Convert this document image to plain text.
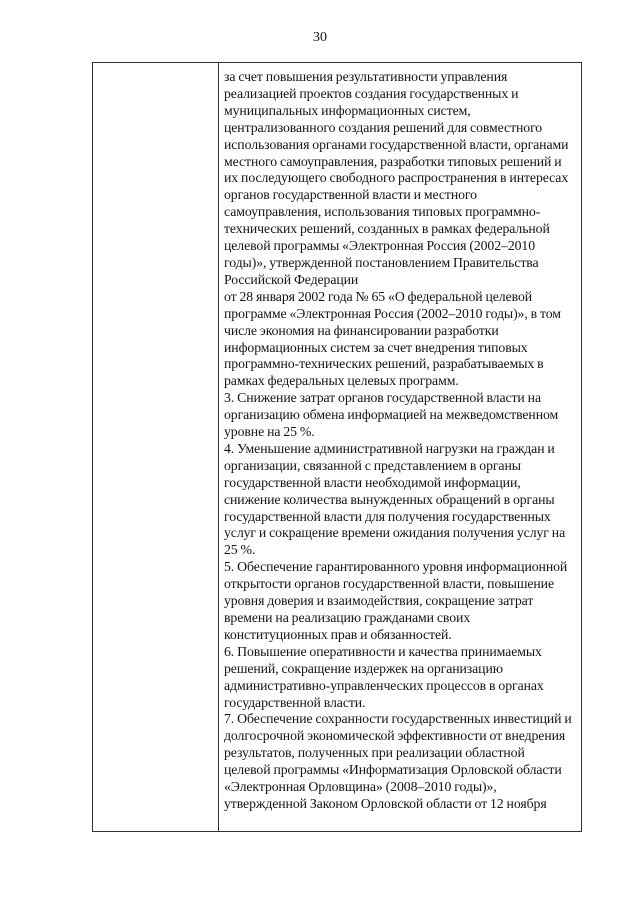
30

за счет повышения результативности управления
реализацией проектов создания государственных и
муниципальных информационных систем,
централизованного создания решений для совместного
использования органами государственной власти, органами
местного самоуправления, разработки типовых решений и
их последующего свободного распространения в интересах
органов государственной власти и местного
самоуправления, использования типовых программно-
технических решений, созданных в рамках федеральной
целевой программы «Электронная Россия (2002–2010
годы)», утвержденной постановлением Правительства
Российской Федерации
от 28 января 2002 года № 65 «О федеральной целевой
программе «Электронная Россия (2002–2010 годы)», в том
числе экономия на финансировании разработки
информационных систем за счет внедрения типовых
программно-технических решений, разрабатываемых в
рамках федеральных целевых программ.
3. Снижение затрат органов государственной власти на
организацию обмена информацией на межведомственном
уровне на 25 %.
4. Уменьшение административной нагрузки на граждан и
организации, связанной с представлением в органы
государственной власти необходимой информации,
снижение количества вынужденных обращений в органы
государственной власти для получения государственных
услуг и сокращение времени ожидания получения услуг на
25 %.
5. Обеспечение гарантированного уровня информационной
открытости органов государственной власти, повышение
уровня доверия и взаимодействия, сокращение затрат
времени на реализацию гражданами своих
конституционных прав и обязанностей.
6. Повышение оперативности и качества принимаемых
решений, сокращение издержек на организацию
административно-управленческих процессов в органах
государственной власти.
7. Обеспечение сохранности государственных инвестиций и
долгосрочной экономической эффективности от внедрения
результатов, полученных при реализации областной
целевой программы «Информатизация Орловской области
«Электронная Орловщина» (2008–2010 годы)»,
утвержденной Законом Орловской области от 12 ноября
